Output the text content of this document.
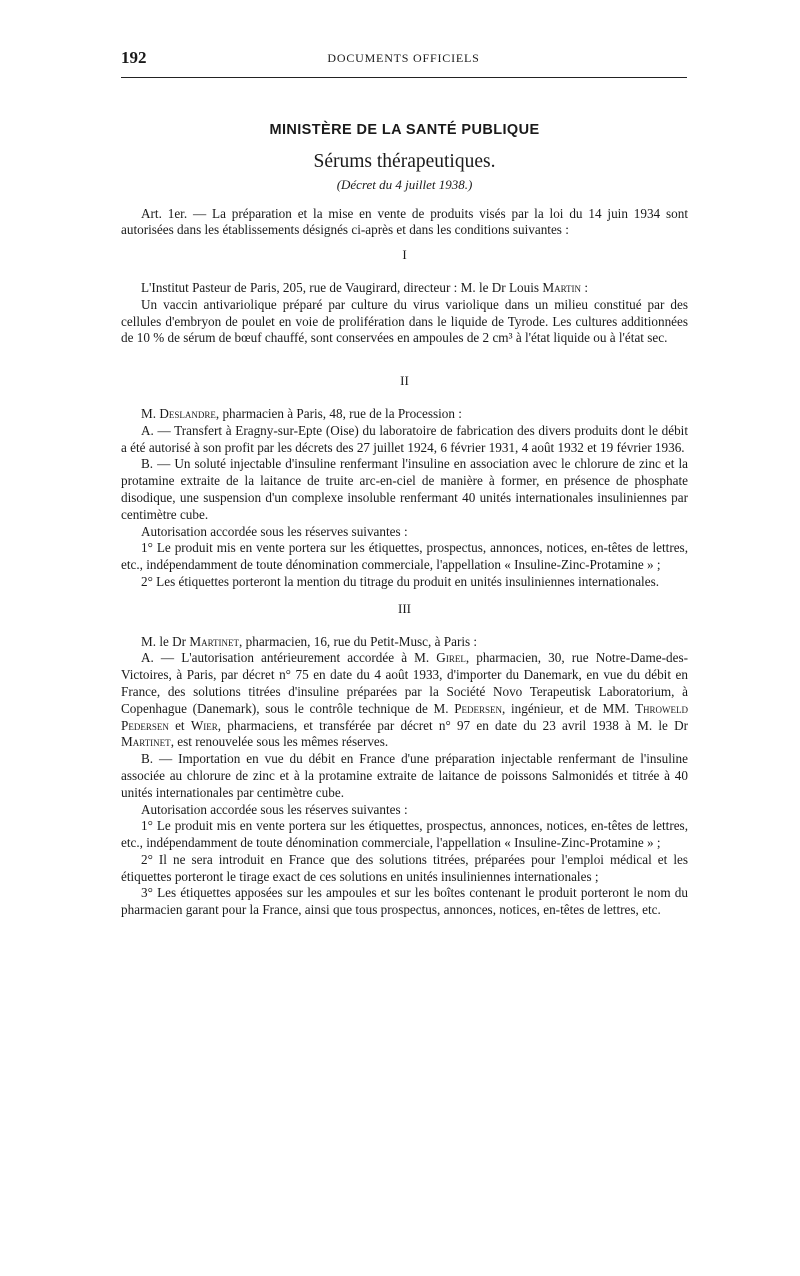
192	DOCUMENTS OFFICIELS
MINISTÈRE DE LA SANTÉ PUBLIQUE
Sérums thérapeutiques.
(Décret du 4 juillet 1938.)

Art. 1er. — La préparation et la mise en vente de produits visés par la loi du 14 juin 1934 sont autorisées dans les établissements désignés ci-après et dans les conditions suivantes :

I

L'Institut Pasteur de Paris, 205, rue de Vaugirard, directeur : M. le Dr Louis Martin :

Un vaccin antivariolique préparé par culture du virus variolique dans un milieu constitué par des cellules d'embryon de poulet en voie de prolifération dans le liquide de Tyrode. Les cultures additionnées de 10 % de sérum de bœuf chauffé, sont conservées en ampoules de 2 cm³ à l'état liquide ou à l'état sec.

II

M. Deslandre, pharmacien à Paris, 48, rue de la Procession :

A. — Transfert à Eragny-sur-Epte (Oise) du laboratoire de fabrication des divers produits dont le débit a été autorisé à son profit par les décrets des 27 juillet 1924, 6 février 1931, 4 août 1932 et 19 février 1936.

B. — Un soluté injectable d'insuline renfermant l'insuline en association avec le chlorure de zinc et la protamine extraite de la laitance de truite arc-en-ciel de manière à former, en présence de phosphate disodique, une suspension d'un complexe insoluble renfermant 40 unités internationales insuliniennes par centimètre cube.

Autorisation accordée sous les réserves suivantes :

1° Le produit mis en vente portera sur les étiquettes, prospectus, annonces, notices, en-têtes de lettres, etc., indépendamment de toute dénomination commerciale, l'appellation « Insuline-Zinc-Protamine » ;

2° Les étiquettes porteront la mention du titrage du produit en unités insuliniennes internationales.

III

M. le Dr Martinet, pharmacien, 16, rue du Petit-Musc, à Paris :

A. — L'autorisation antérieurement accordée à M. Girel, pharmacien, 30, rue Notre-Dame-des-Victoires, à Paris, par décret n° 75 en date du 4 août 1933, d'importer du Danemark, en vue du débit en France, des solutions titrées d'insuline préparées par la Société Novo Terapeutisk Laboratorium, à Copenhague (Danemark), sous le contrôle technique de M. Pedersen, ingénieur, et de MM. Throweld Pedersen et Wier, pharmaciens, et transférée par décret n° 97 en date du 23 avril 1938 à M. le Dr Martinet, est renouvelée sous les mêmes réserves.

B. — Importation en vue du débit en France d'une préparation injectable renfermant de l'insuline associée au chlorure de zinc et à la protamine extraite de laitance de poissons Salmonidés et titrée à 40 unités internationales par centimètre cube.

Autorisation accordée sous les réserves suivantes :

1° Le produit mis en vente portera sur les étiquettes, prospectus, annonces, notices, en-têtes de lettres, etc., indépendamment de toute dénomination commerciale, l'appellation « Insuline-Zinc-Protamine » ;

2° Il ne sera introduit en France que des solutions titrées, préparées pour l'emploi médical et les étiquettes porteront le tirage exact de ces solutions en unités insuliniennes internationales ;

3° Les étiquettes apposées sur les ampoules et sur les boîtes contenant le produit porteront le nom du pharmacien garant pour la France, ainsi que tous prospectus, annonces, notices, en-têtes de lettres, etc.
